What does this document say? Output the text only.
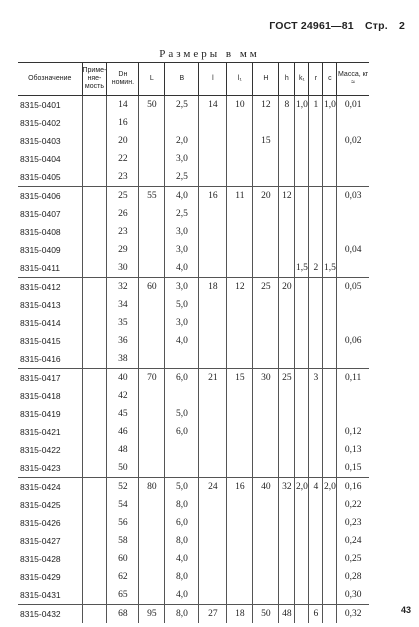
ГОСТ 24961—81 Стр. 2
Размеры в мм
Обозначение	Приме-няе-мость	Dн номин.	L	B	l	l₁	H	h	k₁	r	c	Масса, кг ≈
8315-0401		14	50	2,5	14	10	12	8	1,0	1	1,0	0,01
8315-0402		16										
8315-0403		20		2,0			15					0,02
8315-0404		22		3,0								
8315-0405		23		2,5								
8315-0406		25	55	4,0	16	11	20	12				0,03
8315-0407		26		2,5								
8315-0408		23		3,0								
8315-0409		29		3,0								0,04
8315-0411		30		4,0					1,5	2	1,5	
8315-0412		32	60	3,0	18	12	25	20				0,05
8315-0413		34		5,0								
8315-0414		35		3,0								
8315-0415		36		4,0								0,06
8315-0416		38										
8315-0417		40	70	6,0	21	15	30	25		3		0,11
8315-0418		42										
8315-0419		45		5,0								
8315-0421		46		6,0								0,12
8315-0422		48										0,13
8315-0423		50										0,15
8315-0424		52	80	5,0	24	16	40	32	2,0	4	2,0	0,16
8315-0425		54		8,0								0,22
8315-0426		56		6,0								0,23
8315-0427		58		8,0								0,24
8315-0428		60		4,0								0,25
8315-0429		62		8,0								0,28
8315-0431		65		4,0								0,30
8315-0432		68	95	8,0	27	18	50	48		6		0,32	43
